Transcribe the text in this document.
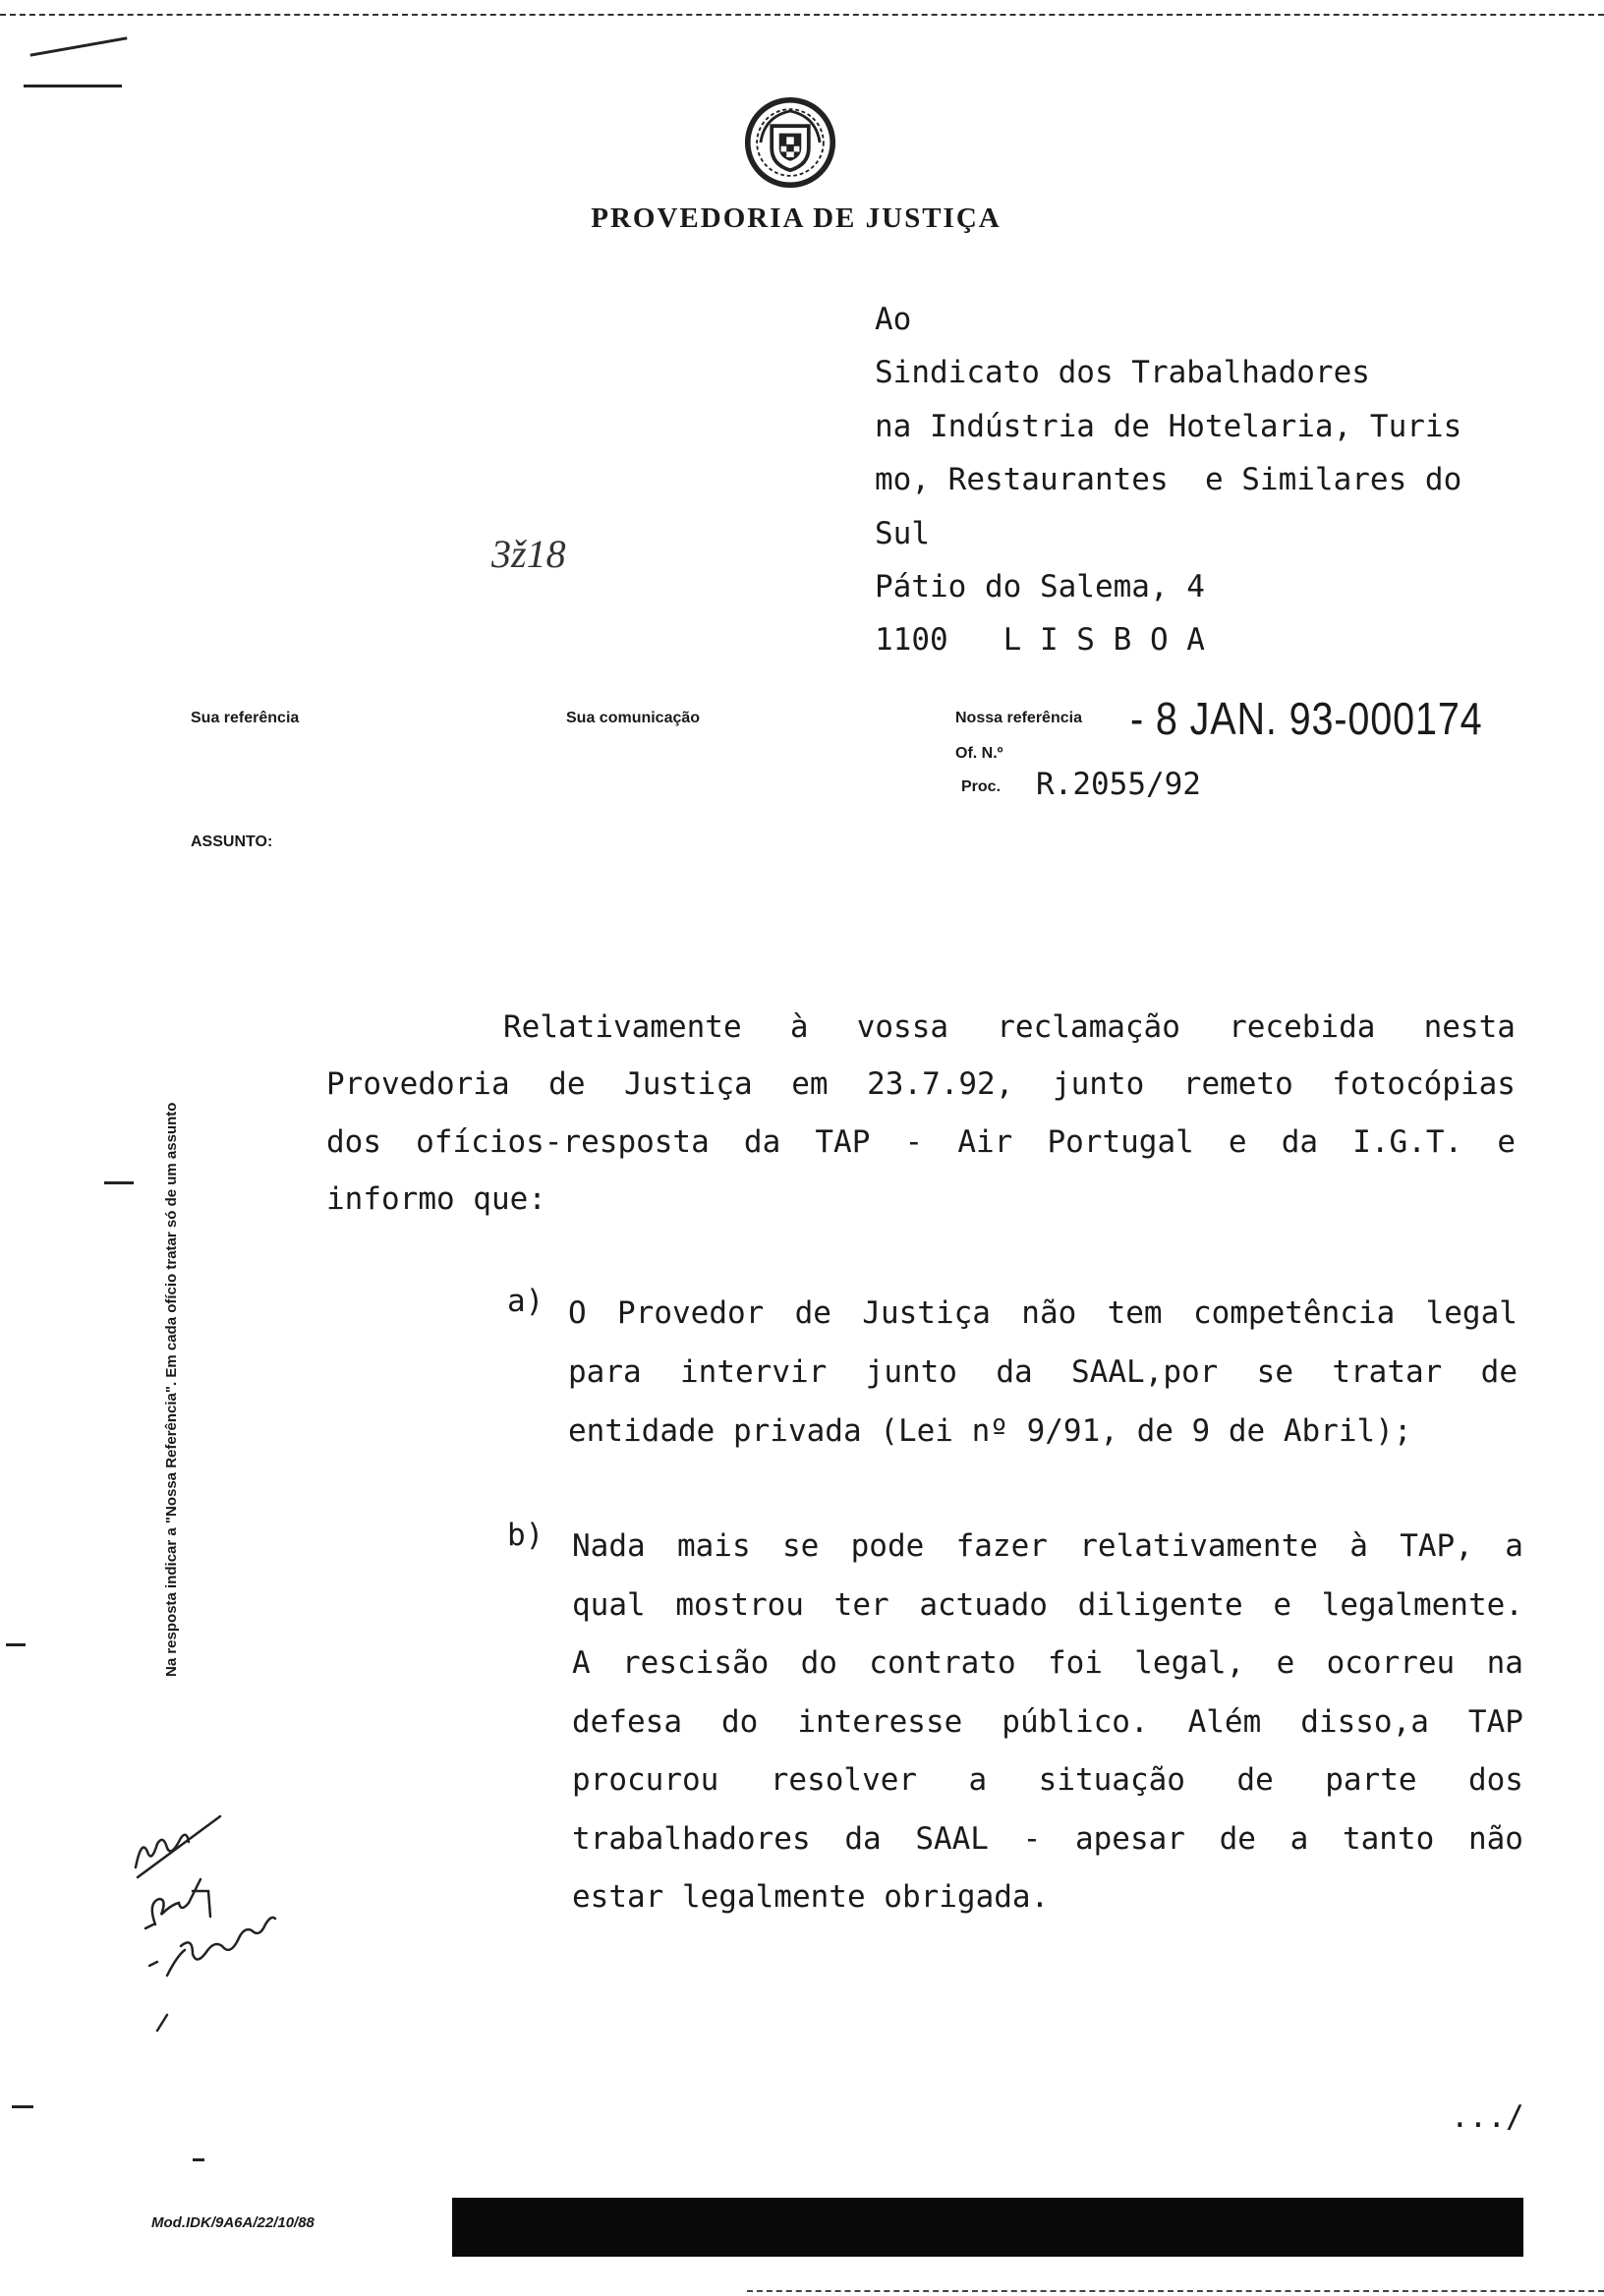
PROVEDORIA DE JUSTIÇA
Ao
Sindicato dos Trabalhadores
na Indústria de Hotelaria, Turis
mo, Restaurantes  e Similares do
Sul
Pátio do Salema, 4
1100   L I S B O A
3ž18
Sua referência	Sua comunicação	Nossa referência
Of. N.º
Proc.
- 8 JAN. 93-000174
R.2055/92
ASSUNTO:
Na resposta indicar a "Nossa Referência". Em cada ofício tratar só de um assunto
Relativamente à vossa reclamação recebida nesta
Provedoria de Justiça em 23.7.92, junto remeto fotocópias
dos ofícios-resposta da TAP - Air Portugal e da I.G.T. e
informo que:
a) O Provedor de Justiça não tem competência legal
para intervir junto da SAAL,por se tratar de
entidade privada (Lei nº 9/91, de 9 de Abril);
b) Nada mais se pode fazer relativamente à TAP, a
qual mostrou ter actuado diligente e legalmente.
A rescisão do contrato foi legal, e ocorreu na
defesa do interesse público. Além disso,a TAP
procurou resolver a situação de parte dos
trabalhadores da SAAL - apesar de a tanto não
estar legalmente obrigada.
.../
Mod.IDK/9A6A/22/10/88
